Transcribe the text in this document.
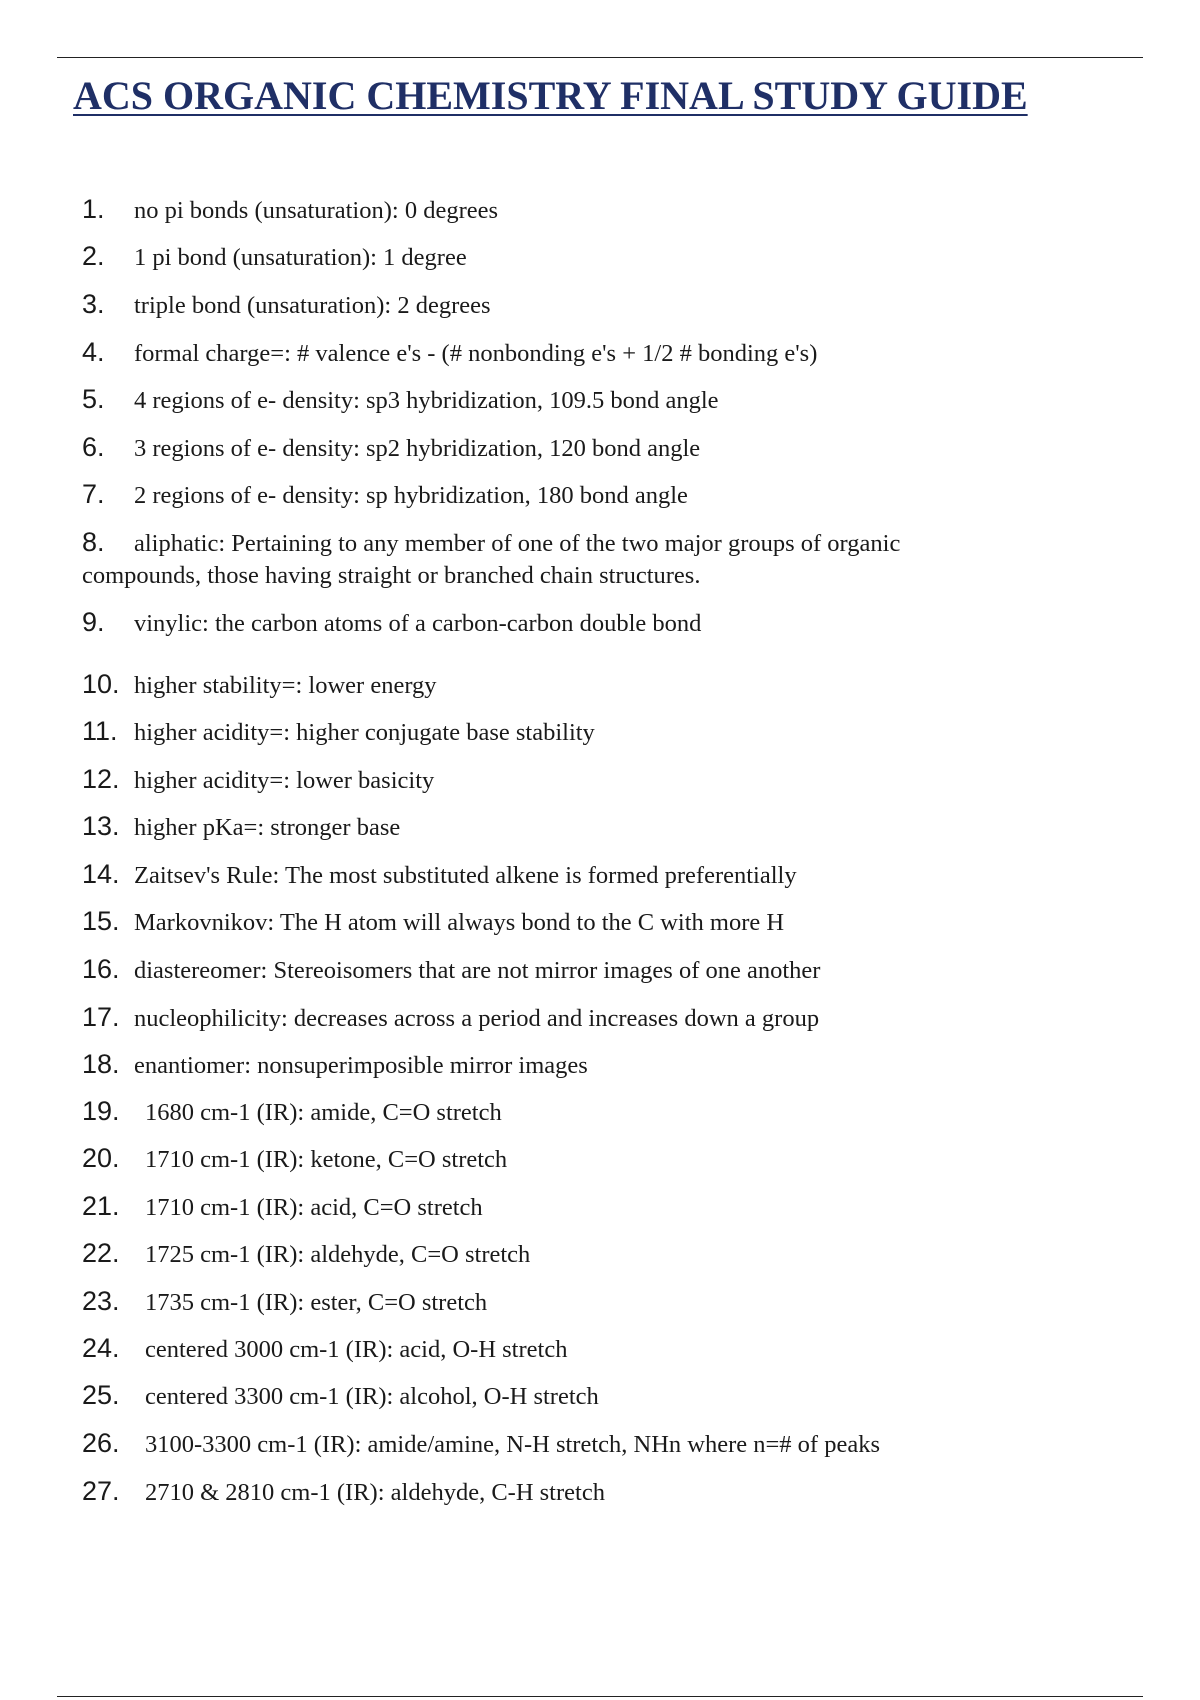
ACS ORGANIC CHEMISTRY FINAL STUDY GUIDE
1. no pi bonds (unsaturation): 0 degrees
2. 1 pi bond (unsaturation): 1 degree
3. triple bond (unsaturation): 2 degrees
4. formal charge=: # valence e's - (# nonbonding e's + 1/2 # bonding e's)
5. 4 regions of e- density: sp3 hybridization, 109.5 bond angle
6. 3 regions of e- density: sp2 hybridization, 120 bond angle
7. 2 regions of e- density: sp hybridization, 180 bond angle
8. aliphatic: Pertaining to any member of one of the two major groups of organic
compounds, those having straight or branched chain structures.
9. vinylic: the carbon atoms of a carbon-carbon double bond
10. higher stability=: lower energy
11. higher acidity=: higher conjugate base stability
12. higher acidity=: lower basicity
13. higher pKa=: stronger base
14. Zaitsev's Rule: The most substituted alkene is formed preferentially
15. Markovnikov: The H atom will always bond to the C with more H
16. diastereomer: Stereoisomers that are not mirror images of one another
17. nucleophilicity: decreases across a period and increases down a group
18. enantiomer: nonsuperimposible mirror images
19. 1680 cm-1 (IR): amide, C=O stretch
20. 1710 cm-1 (IR): ketone, C=O stretch
21. 1710 cm-1 (IR): acid, C=O stretch
22. 1725 cm-1 (IR): aldehyde, C=O stretch
23. 1735 cm-1 (IR): ester, C=O stretch
24. centered 3000 cm-1 (IR): acid, O-H stretch
25. centered 3300 cm-1 (IR): alcohol, O-H stretch
26. 3100-3300 cm-1 (IR): amide/amine, N-H stretch, NHn where n=# of peaks
27. 2710 & 2810 cm-1 (IR): aldehyde, C-H stretch
